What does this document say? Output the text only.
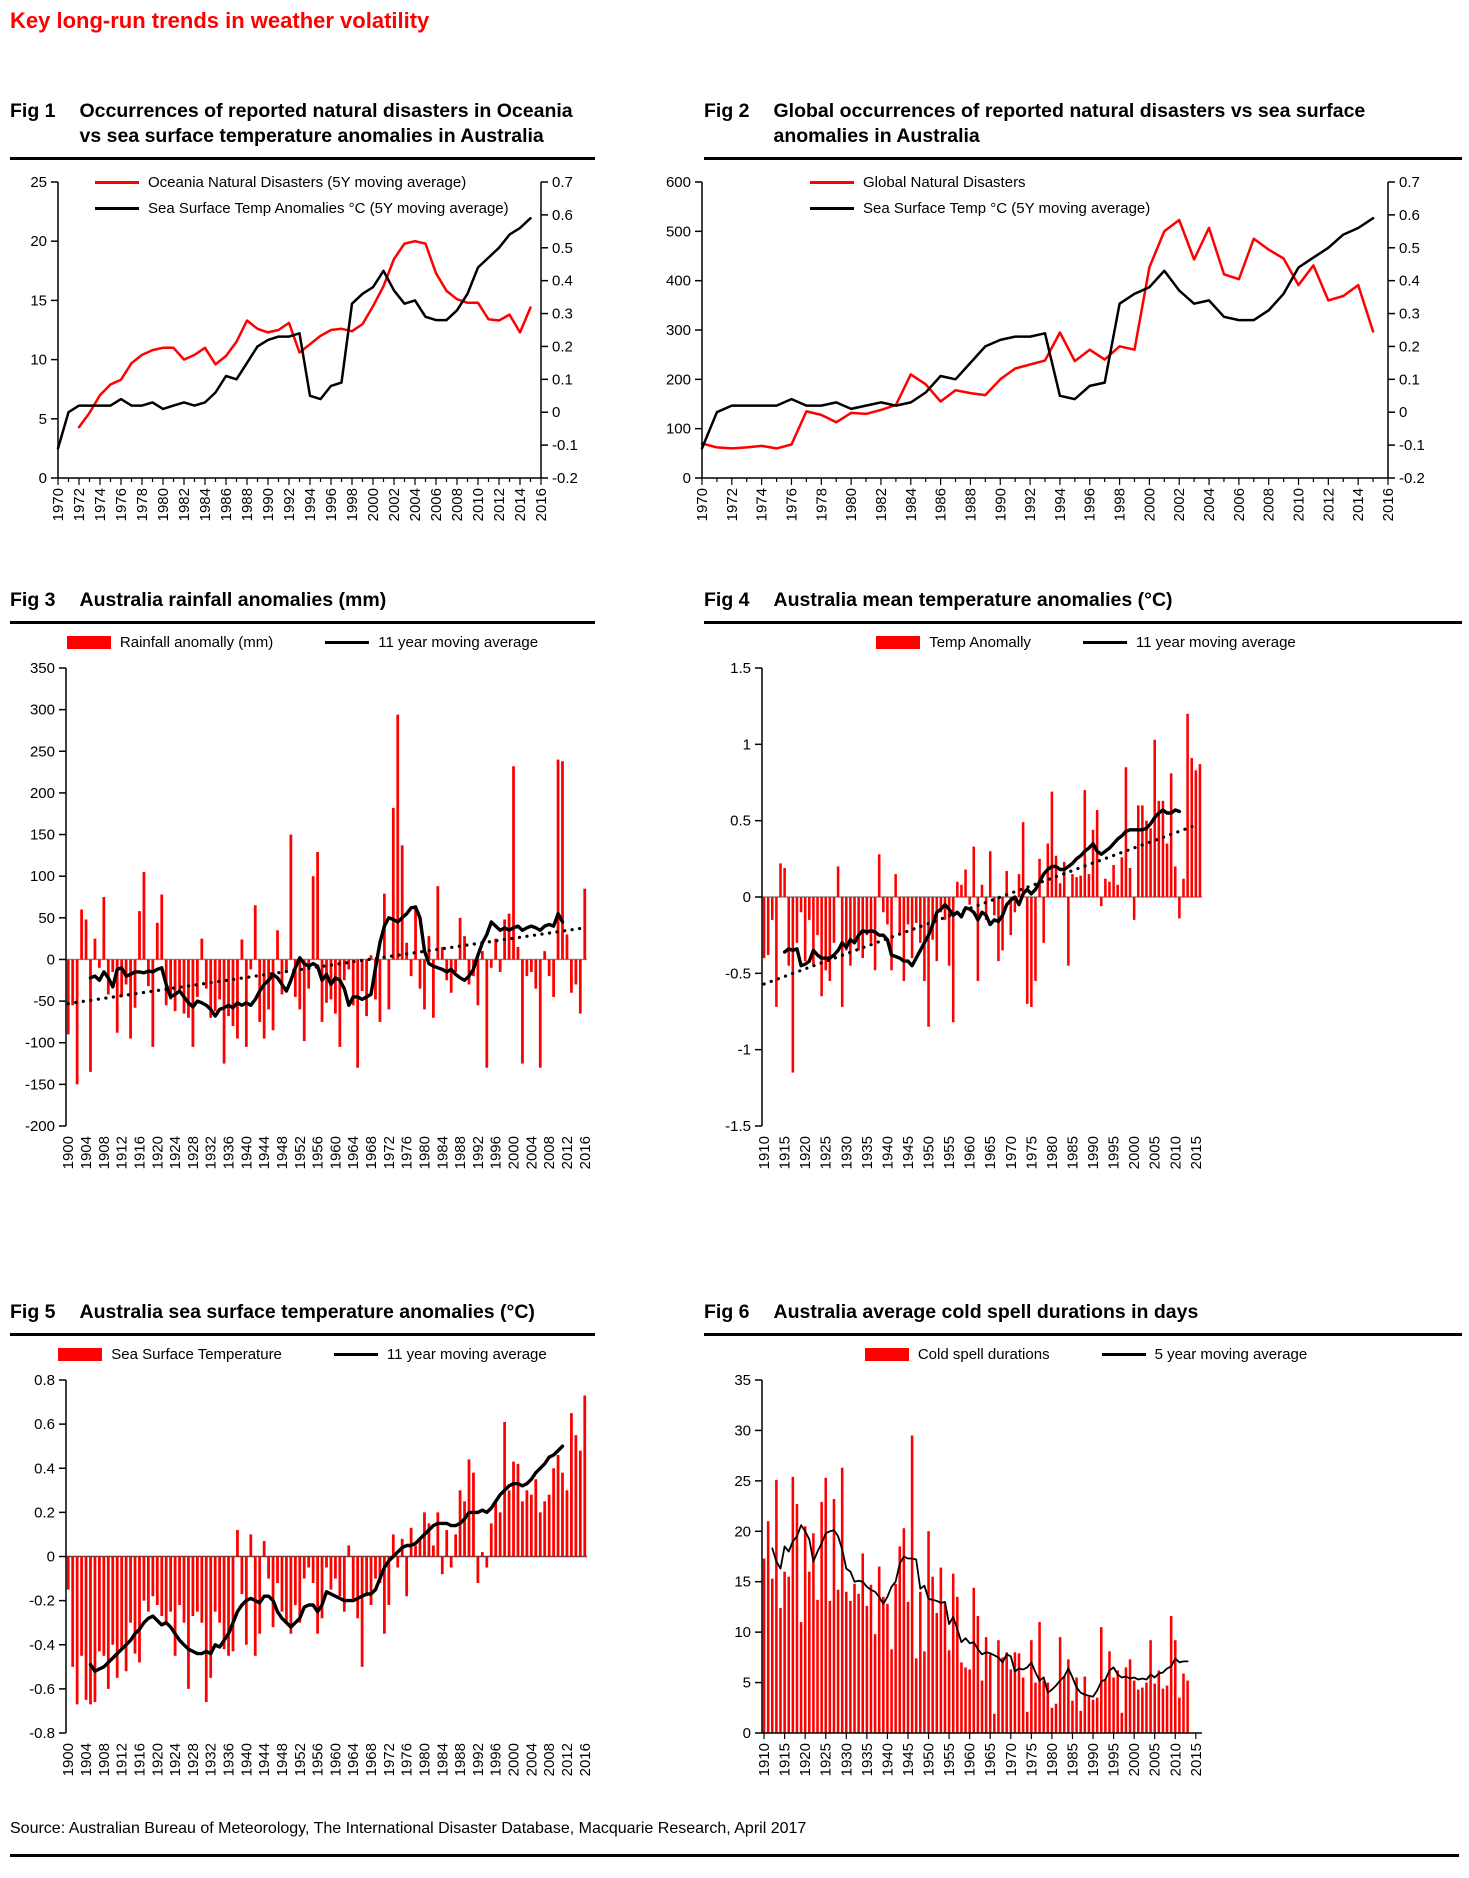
Key long-run trends in weather volatility
Fig 1 Occurrences of reported natural disasters in Oceania vs sea surface temperature anomalies in Australia
Oceania Natural Disasters (5Y moving average)
Sea Surface Temp Anomalies °C (5Y moving average)
0
5
10
15
20
25
-0.2
-0.1
0
0.1
0.2
0.3
0.4
0.5
0.6
0.7
1970 1972 1974 1976 1978 1980 1982 1984 1986 1988 1990 1992 1994 1996 1998 2000 2002 2004 2006 2008 2010 2012 2014 2016
Fig 2 Global occurrences of reported natural disasters vs sea surface anomalies in Australia
Global Natural Disasters
Sea Surface Temp °C (5Y moving average)
0
100
200
300
400
500
600
-0.2
-0.1
0
0.1
0.2
0.3
0.4
0.5
0.6
0.7
1970 1972 1974 1976 1978 1980 1982 1984 1986 1988 1990 1992 1994 1996 1998 2000 2002 2004 2006 2008 2010 2012 2014 2016
Fig 3 Australia rainfall anomalies (mm)
Rainfall anomally (mm)	11 year moving average
-200
-150
-100
-50
0
50
100
150
200
250
300
350
1900 1904 1908 1912 1916 1920 1924 1928 1932 1936 1940 1944 1948 1952 1956 1960 1964 1968 1972 1976 1980 1984 1988 1992 1996 2000 2004 2008 2012 2016
Fig 4 Australia mean temperature anomalies (°C)
Temp Anomally	11 year moving average
-1.5
-1
-0.5
0
0.5
1
1.5
1910 1915 1920 1925 1930 1935 1940 1945 1950 1955 1960 1965 1970 1975 1980 1985 1990 1995 2000 2005 2010 2015
Fig 5 Australia sea surface temperature anomalies (°C)
Sea Surface Temperature	11 year moving average
-0.8
-0.6
-0.4
-0.2
0
0.2
0.4
0.6
0.8
1900 1904 1908 1912 1916 1920 1924 1928 1932 1936 1940 1944 1948 1952 1956 1960 1964 1968 1972 1976 1980 1984 1988 1992 1996 2000 2004 2008 2012 2016
Fig 6 Australia average cold spell durations in days
Cold spell durations	5 year moving average
0
5
10
15
20
25
30
35
1910 1915 1920 1925 1930 1935 1940 1945 1950 1955 1960 1965 1970 1975 1980 1985 1990 1995 2000 2005 2010 2015
Source: Australian Bureau of Meteorology, The International Disaster Database, Macquarie Research, April 2017
